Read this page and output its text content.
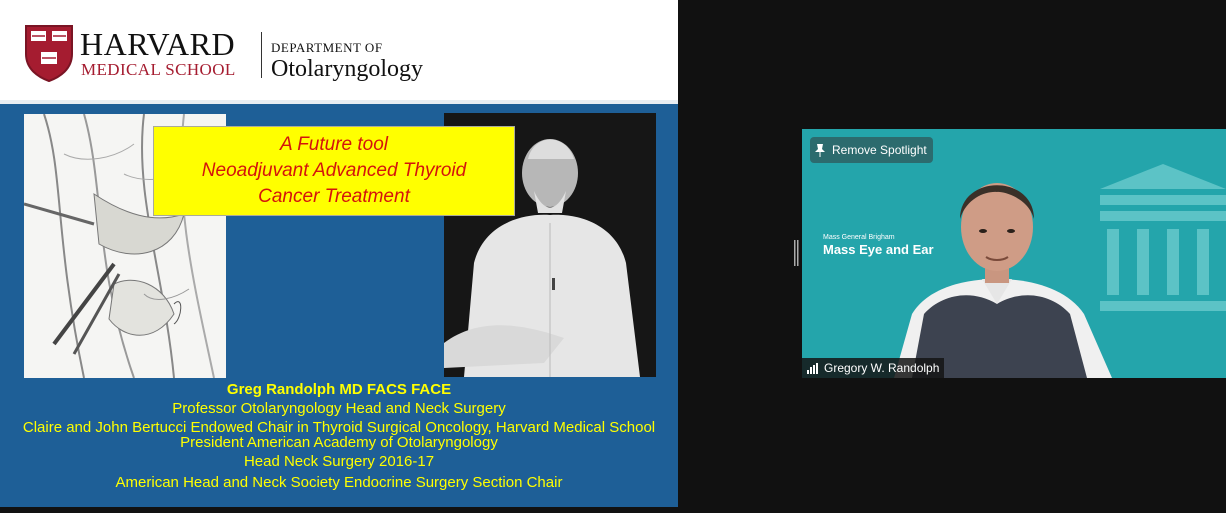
HARVARD
MEDICAL SCHOOL
DEPARTMENT OF
Otolaryngology
A Future tool
Neoadjuvant Advanced Thyroid
Cancer Treatment
Greg Randolph MD FACS FACE
Professor Otolaryngology Head and Neck Surgery
Claire and John Bertucci Endowed Chair in Thyroid Surgical Oncology, Harvard Medical School
President American Academy of Otolaryngology
Head Neck Surgery 2016-17
American Head and Neck Society Endocrine Surgery Section Chair
Mass General Brigham
Mass Eye and Ear
Remove Spotlight
Gregory W. Randolph
